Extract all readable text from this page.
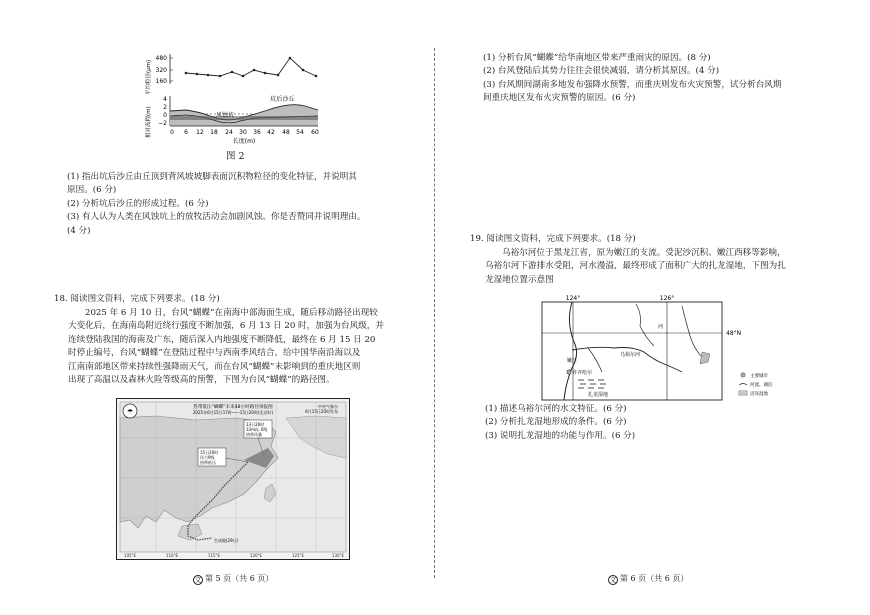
平均粒径(μm)
相对高程(m)
480
320
160
4
2
0
−2
坑后沙丘
风蚀坑
0 6 12 18 24 30 36 42 48 54 60
长度(m)
图 2

(1) 指出坑后沙丘由丘顶到背风坡坡脚表面沉积物粒径的变化特征，并说明其

原因。(6 分)

(2) 分析坑后沙丘的形成过程。(6 分)

(3) 有人认为人类在风蚀坑上的放牧活动会加剧风蚀。你是否赞同并说明理由。

(4 分)

18. 阅读图文资料，完成下列要求。(18 分)

2025 年 6 月 10 日，台风“蝴蝶”在南海中部海面生成，随后移动路径出现较

大变化后，在海南岛附近绕行强度不断加强，6 月 13 日 20 时，加强为台风级，并

连续登陆我国的海南及广东，随后深入内地强度不断降低，最终在 6 月 15 日 20

时停止编号，台风“蝴蝶”在登陆过程中与西南季风结合，给中国华南沿海以及

江南南部地区带来持续性强降雨天气，而在台风“蝴蝶”未影响到的重庆地区则

出现了高温以及森林火险等级高的预警，下图为台风“蝴蝶”的路径图。

☂
热带低压“蝴蝶”未来48小时路径预报图
2025年6月15日17时——15日20时(北京时)
中央气象台
6月15日20时发布
13日20时
33m/s, 6级
热带风暴
15日20时
风力9级
热带低压
生成地(29日)
105°E	110°E	115°E	120°E	125°E	130°E
文 第 5 页（共 6 页）

(1) 分析台风“蝴蝶”给华南地区带来严重雨灾的原因。(8 分)

(2) 台风登陆后其势力往往会很快减弱，请分析其原因。(4 分)

(3) 台风期间湖南多地发布强降水预警，而重庆则发布火灾预警，试分析台风期

间重庆地区发布火灾预警的原因。(6 分)

19. 阅读图文资料，完成下列要求。(18 分)

乌裕尔河位于黑龙江省，原为嫩江的支流。受泥沙沉积、嫩江西移等影响，

乌裕尔河下游排水受阻，河水漫溢，最终形成了面积广大的扎龙湿地，下图为扎

龙湿地位置示意图

124°	126°
48°N
齐齐哈尔
扎龙湿地
乌裕尔河
嫩江
河
主要城市
河流、湖泊
沼泽湿地

(1) 描述乌裕尔河的水文特征。(6 分)

(2) 分析扎龙湿地形成的条件。(6 分)

(3) 说明扎龙湿地的功能与作用。(6 分)

文 第 6 页（共 6 页）
